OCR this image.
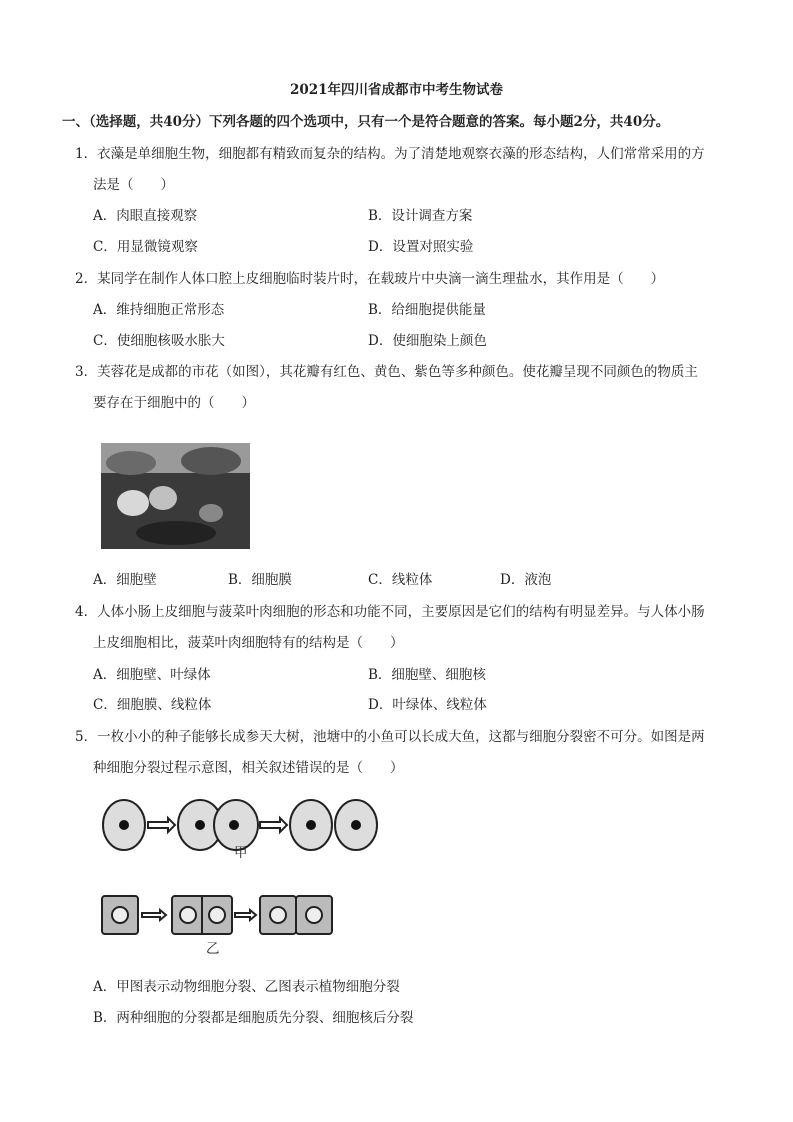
2021年四川省成都市中考生物试卷
一、（选择题，共40分）下列各题的四个选项中，只有一个是符合题意的答案。每小题2分，共40分。
1．衣藻是单细胞生物，细胞都有精致而复杂的结构。为了清楚地观察衣藻的形态结构，人们常常采用的方
法是（　　）
A．肉眼直接观察	B．设计调查方案
C．用显微镜观察	D．设置对照实验
2．某同学在制作人体口腔上皮细胞临时装片时，在载玻片中央滴一滴生理盐水，其作用是（　　）
A．维持细胞正常形态	B．给细胞提供能量
C．使细胞核吸水胀大	D．使细胞染上颜色
3．芙蓉花是成都的市花（如图），其花瓣有红色、黄色、紫色等多种颜色。使花瓣呈现不同颜色的物质主
要存在于细胞中的（　　）
A．细胞壁	B．细胞膜	C．线粒体	D．液泡
4．人体小肠上皮细胞与菠菜叶肉细胞的形态和功能不同，主要原因是它们的结构有明显差异。与人体小肠
上皮细胞相比，菠菜叶肉细胞特有的结构是（　　）
A．细胞壁、叶绿体	B．细胞壁、细胞核
C．细胞膜、线粒体	D．叶绿体、线粒体
5．一枚小小的种子能够长成参天大树，池塘中的小鱼可以长成大鱼，这都与细胞分裂密不可分。如图是两
种细胞分裂过程示意图，相关叙述错误的是（　　）
甲
乙
A．甲图表示动物细胞分裂、乙图表示植物细胞分裂
B．两种细胞的分裂都是细胞质先分裂、细胞核后分裂
